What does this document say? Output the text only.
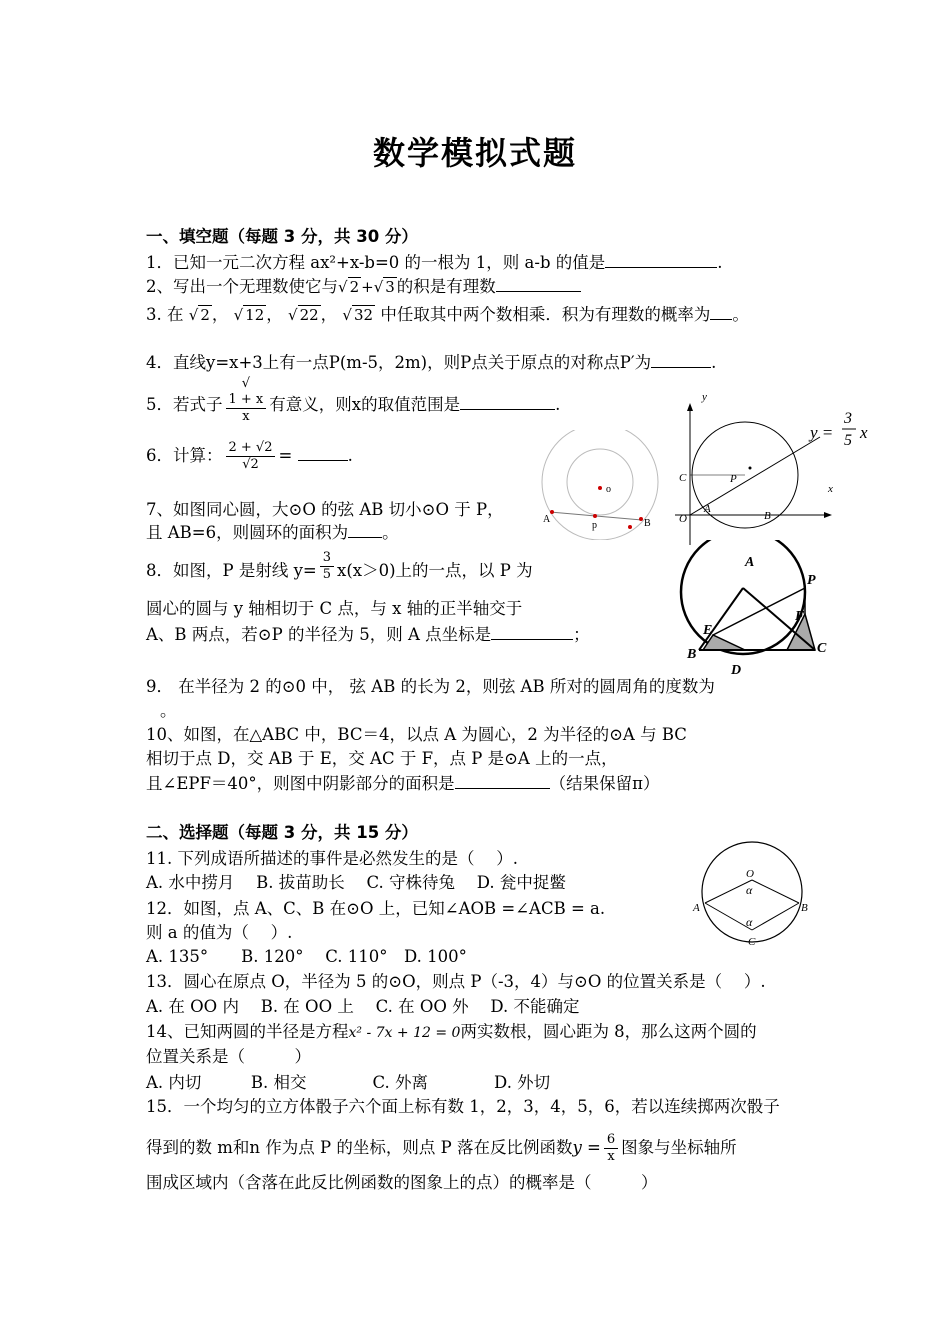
数学模拟式题
一、填空题（每题 3 分，共 30 分）
1．已知一元二次方程 ax²+x-b=0 的一根为 1，则 a-b 的值是	.
2、写出一个无理数使它与√ 2 +√ 3 的积是有理数
3. 在 √ 2 ， √ 12 ， √ 22 ， √ 32 中任取其中两个数相乘．积为有理数的概率为 。
4．直线y=x+3上有一点P(m-5，2m)，则P点关于原点的对称点P′为	.
5．若式子 √
1 + x
x 有意义，则x的取值范围是	.
6．计算： $\frac{2 + √2}{√2}$ =	.
7、如图同心圆，大⊙O 的弦 AB 切小⊙O 于 P，
且 AB=6，则圆环的面积为 。
8．如图，P 是射线 $y= \frac{3}{5} x(x>0)$上的一点，以 P 为
圆心的圆与 y 轴相切于 C 点，与 x 轴的正半轴交于
A、B 两点，若⊙P 的半径为 5，则 A 点坐标是	；
9． 在半径为 2 的⊙0 中， 弦 AB 的长为 2，则弦 AB 所对的圆周角的度数为
。
10、如图，在△ABC 中，BC＝4，以点 A 为圆心，2 为半径的⊙A 与 BC
相切于点 D，交 AB 于 E，交 AC 于 F，点 P 是⊙A 上的一点，
且∠EPF＝40°，则图中阴影部分的面积是	（结果保留π）
二、选择题（每题 3 分，共 15 分）
11. 下列成语所描述的事件是必然发生的是（　 ）.
A. 水中捞月　 B. 拔苗助长　 C. 守株待兔　 D. 瓮中捉鳖
12．如图，点 A、C、B 在⊙O 上，已知∠AOB =∠ACB = a.
则 a 的值为（　 ）.
A. 135°　　B. 120°　 C. 110°　D. 100°
13．圆心在原点 O，半径为 5 的⊙O，则点 P（-3，4）与⊙O 的位置关系是（　 ）.
A. 在 OO 内　 B. 在 OO 上　 C. 在 OO 外　 D. 不能确定
14、已知两圆的半径是方程x² - 7x + 12 = 0两实数根，圆心距为 8，那么这两个圆的
位置关系是（　　　）
A. 内切　　　B. 相交　　　　C. 外离　　　　D. 外切
15．一个均匀的立方体骰子六个面上标有数 1，2，3，4，5，6，若以连续掷两次骰子
得到的数 m和n 作为点 P 的坐标，则点 P 落在反比例函数$y = \frac{6}{x}$ 图象与坐标轴所
围成区域内（含落在此反比例函数的图象上的点）的概率是（　　　）
o
A
p	B
y
x
C
O
A
B
P
y =
3
5 x
A
P
E
F
B
D
C
O
α
α
A	B
C
